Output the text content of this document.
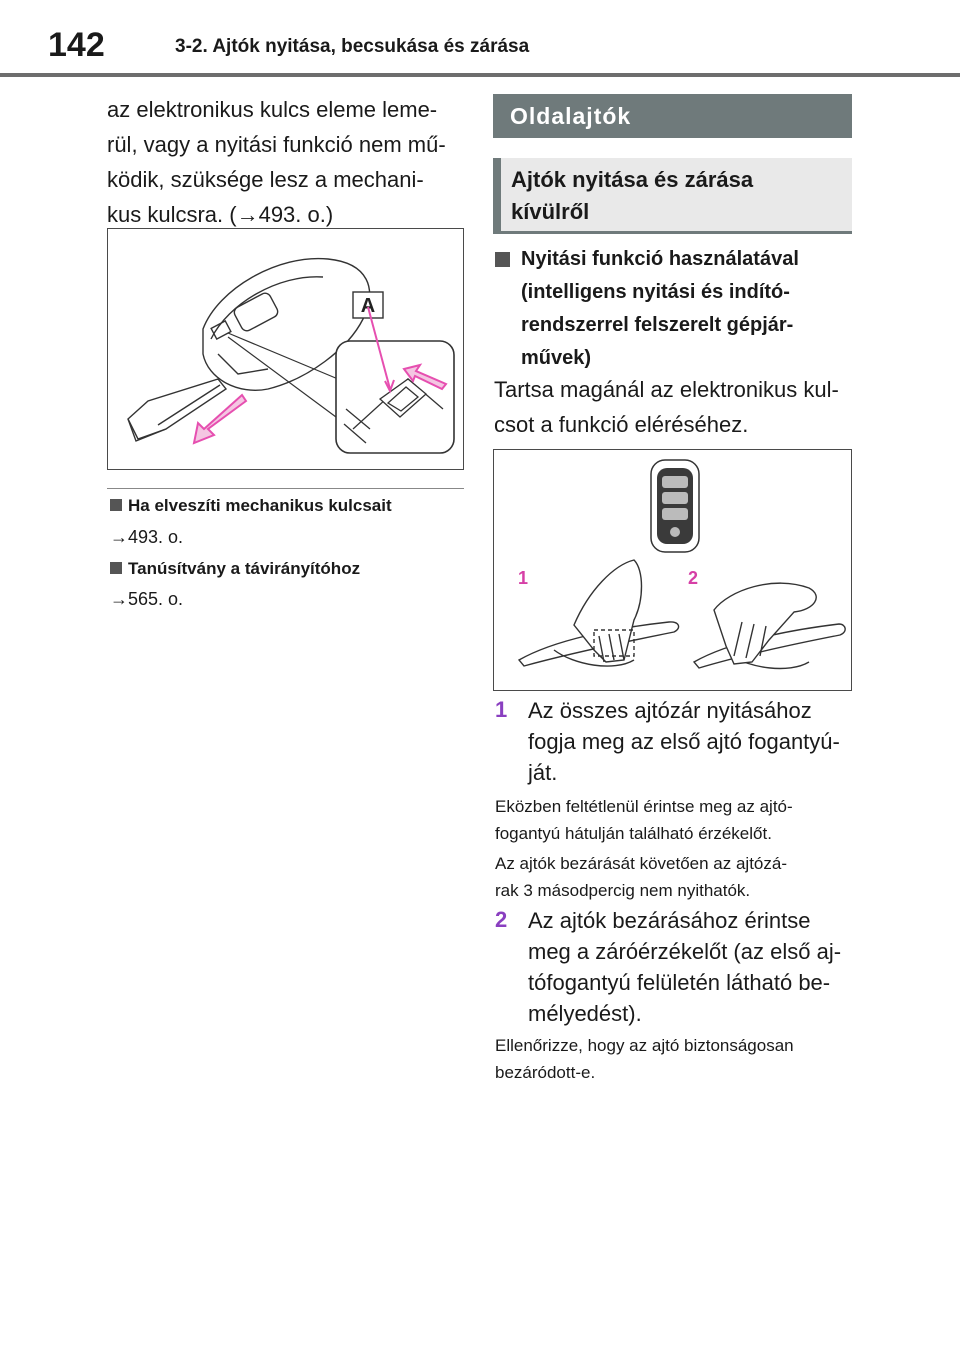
142	3-2. Ajtók nyitása, becsukása és zárása
az elektronikus kulcs eleme leme-
rül, vagy a nyitási funkció nem mű-
ködik, szüksége lesz a mechani-
kus kulcsra. (→493. o.)
A
Ha elveszíti mechanikus kulcsait
→493. o.
Tanúsítvány a távirányítóhoz
→565. o.
Oldalajtók
Ajtók nyitása és zárása
kívülről
Nyitási funkció használatával
(intelligens nyitási és indító-
rendszerrel felszerelt gépjár-
művek)
Tartsa magánál az elektronikus kul-
csot a funkció eléréséhez.
1	2
1 Az összes ajtózár nyitásához
fogja meg az első ajtó fogantyú-
ját.
Eközben feltétlenül érintse meg az ajtó-
fogantyú hátulján található érzékelőt.
Az ajtók bezárását követően az ajtózá-
rak 3 másodpercig nem nyithatók.
2 Az ajtók bezárásához érintse
meg a záróérzékelőt (az első aj-
tófogantyú felületén látható be-
mélyedést).
Ellenőrizze, hogy az ajtó biztonságosan
bezáródott-e.
